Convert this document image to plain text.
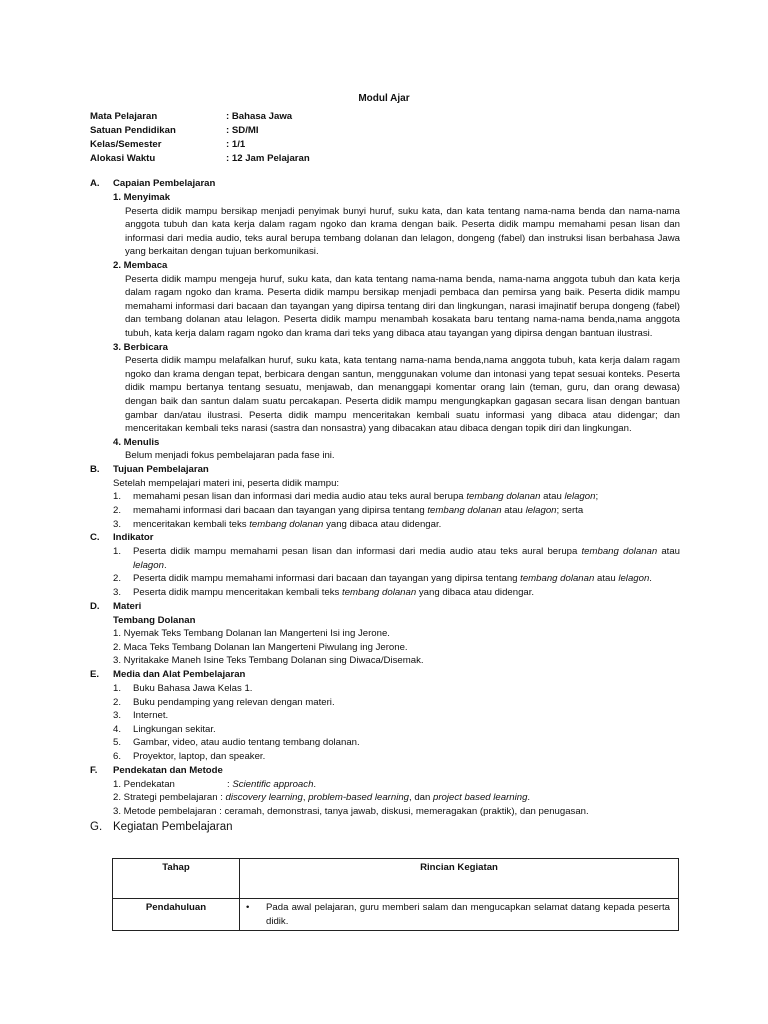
Modul Ajar
Mata Pelajaran	: Bahasa Jawa
Satuan Pendidikan	: SD/MI
Kelas/Semester	: 1/1
Alokasi Waktu	: 12 Jam Pelajaran
A.	Capaian Pembelajaran
1. Menyimak
Peserta didik mampu bersikap menjadi penyimak bunyi huruf, suku kata, dan kata tentang nama-nama benda dan nama-nama anggota tubuh dan kata kerja dalam ragam ngoko dan krama dengan baik. Peserta didik mampu memahami pesan lisan dan informasi dari media audio, teks aural berupa tembang dolanan dan lelagon, dongeng (fabel) dan instruksi lisan berbahasa Jawa yang berkaitan dengan tujuan berkomunikasi.
2. Membaca
Peserta didik mampu mengeja huruf, suku kata, dan kata tentang nama-nama benda, nama-nama anggota tubuh dan kata kerja dalam ragam ngoko dan krama. Peserta didik mampu bersikap menjadi pembaca dan pemirsa yang baik. Peserta didik mampu memahami informasi dari bacaan dan tayangan yang dipirsa tentang diri dan lingkungan, narasi imajinatif berupa dongeng (fabel) dan tembang dolanan atau lelagon. Peserta didik mampu menambah kosakata baru tentang nama-nama benda,nama anggota tubuh, kata kerja dalam ragam ngoko dan krama dari teks yang dibaca atau tayangan yang dipirsa dengan bantuan ilustrasi.
3. Berbicara
Peserta didik mampu melafalkan huruf, suku kata, kata tentang nama-nama benda,nama anggota tubuh, kata kerja dalam ragam ngoko dan krama dengan tepat, berbicara dengan santun, menggunakan volume dan intonasi yang tepat sesuai konteks. Peserta didik mampu bertanya tentang sesuatu, menjawab, dan menanggapi komentar orang lain (teman, guru, dan orang dewasa) dengan baik dan santun dalam suatu percakapan. Peserta didik mampu mengungkapkan gagasan secara lisan dengan bantuan gambar dan/atau ilustrasi. Peserta didik mampu menceritakan kembali suatu informasi yang dibaca atau didengar; dan menceritakan kembali teks narasi (sastra dan nonsastra) yang dibacakan atau dibaca dengan topik diri dan lingkungan.
4. Menulis
Belum menjadi fokus pembelajaran pada fase ini.
B.	Tujuan Pembelajaran
Setelah mempelajari materi ini, peserta didik mampu:
1.	memahami pesan lisan dan informasi dari media audio atau teks aural berupa tembang dolanan atau lelagon;
2.	memahami informasi dari bacaan dan tayangan yang dipirsa tentang tembang dolanan atau lelagon; serta
3.	menceritakan kembali teks tembang dolanan yang dibaca atau didengar.
C.	Indikator
1.	Peserta didik mampu memahami pesan lisan dan informasi dari media audio atau teks aural berupa tembang dolanan atau lelagon.
2.	Peserta didik mampu memahami informasi dari bacaan dan tayangan yang dipirsa tentang tembang dolanan atau lelagon.
3.	Peserta didik mampu menceritakan kembali teks tembang dolanan yang dibaca atau didengar.
D.	Materi
Tembang Dolanan
1. Nyemak Teks Tembang Dolanan lan Mangerteni Isi ing Jerone.
2. Maca Teks Tembang Dolanan lan Mangerteni Piwulang ing Jerone.
3. Nyritakake Maneh Isine Teks Tembang Dolanan sing Diwaca/Disemak.
E.	Media dan Alat Pembelajaran
1.	Buku Bahasa Jawa Kelas 1.
2.	Buku pendamping yang relevan dengan materi.
3.	Internet.
4.	Lingkungan sekitar.
5.	Gambar, video, atau audio tentang tembang dolanan.
6.	Proyektor, laptop, dan speaker.
F.	Pendekatan dan Metode
1. Pendekatan	: Scientific approach.
2. Strategi pembelajaran : discovery learning, problem-based learning, dan project based learning.
3. Metode pembelajaran : ceramah, demonstrasi, tanya jawab, diskusi, memeragakan (praktik), dan penugasan.
G. Kegiatan Pembelajaran
Tahap	Rincian Kegiatan
Pendahuluan	• Pada awal pelajaran, guru memberi salam dan mengucapkan selamat datang kepada peserta didik.
